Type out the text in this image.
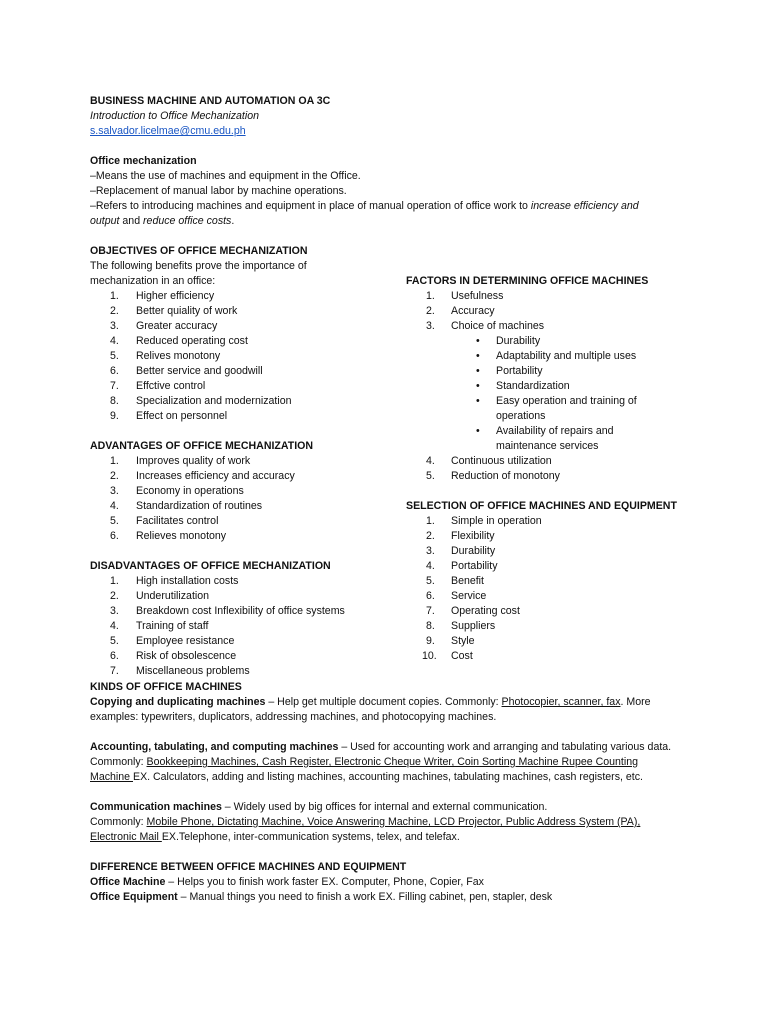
BUSINESS MACHINE AND AUTOMATION OA 3C
Introduction to Office Mechanization
s.salvador.licelmae@cmu.edu.ph
Office mechanization
–Means the use of machines and equipment in the Office.
–Replacement of manual labor by machine operations.
–Refers to introducing machines and equipment in place of manual operation of office work to increase efficiency and
output and reduce office costs.
OBJECTIVES OF OFFICE MECHANIZATION
The following benefits prove the importance of
mechanization in an office:
1.	Higher efficiency
2.	Better quiality of work
3.	Greater accuracy
4.	Reduced operating cost
5.	Relives monotony
6.	Better service and goodwill
7.	Effctive control
8.	Specialization and modernization
9.	Effect on personnel
ADVANTAGES OF OFFICE MECHANIZATION
1.	Improves quality of work
2.	Increases efficiency and accuracy
3.	Economy in operations
4.	Standardization of routines
5.	Facilitates control
6.	Relieves monotony
DISADVANTAGES OF OFFICE MECHANIZATION
1.	High installation costs
2.	Underutilization
3.	Breakdown cost Inflexibility of office systems
4.	Training of staff
5.	Employee resistance
6.	Risk of obsolescence
7.	Miscellaneous problems
FACTORS IN DETERMINING OFFICE MACHINES
1.	Usefulness
2.	Accuracy
3.	Choice of machines
• Durability
• Adaptability and multiple uses
• Portability
• Standardization
• Easy operation and training of operations
• Availability of repairs and maintenance services
4.	Continuous utilization
5.	Reduction of monotony
SELECTION OF OFFICE MACHINES AND EQUIPMENT
1.	Simple in operation
2.	Flexibility
3.	Durability
4.	Portability
5.	Benefit
6.	Service
7.	Operating cost
8.	Suppliers
9.	Style
10. Cost
KINDS OF OFFICE MACHINES
Copying and duplicating machines – Help get multiple document copies. Commonly: Photocopier, scanner, fax. More
examples: typewriters, duplicators, addressing machines, and photocopying machines.
Accounting, tabulating, and computing machines – Used for accounting work and arranging and tabulating various data.
Commonly: Bookkeeping Machines, Cash Register, Electronic Cheque Writer, Coin Sorting Machine Rupee Counting
Machine EX. Calculators, adding and listing machines, accounting machines, tabulating machines, cash registers, etc.
Communication machines – Widely used by big offices for internal and external communication.
Commonly: Mobile Phone, Dictating Machine, Voice Answering Machine, LCD Projector, Public Address System (PA),
Electronic Mail EX.Telephone, inter-communication systems, telex, and telefax.
DIFFERENCE BETWEEN OFFICE MACHINES AND EQUIPMENT
Office Machine – Helps you to finish work faster EX. Computer, Phone, Copier, Fax
Office Equipment – Manual things you need to finish a work EX. Filling cabinet, pen, stapler, desk
